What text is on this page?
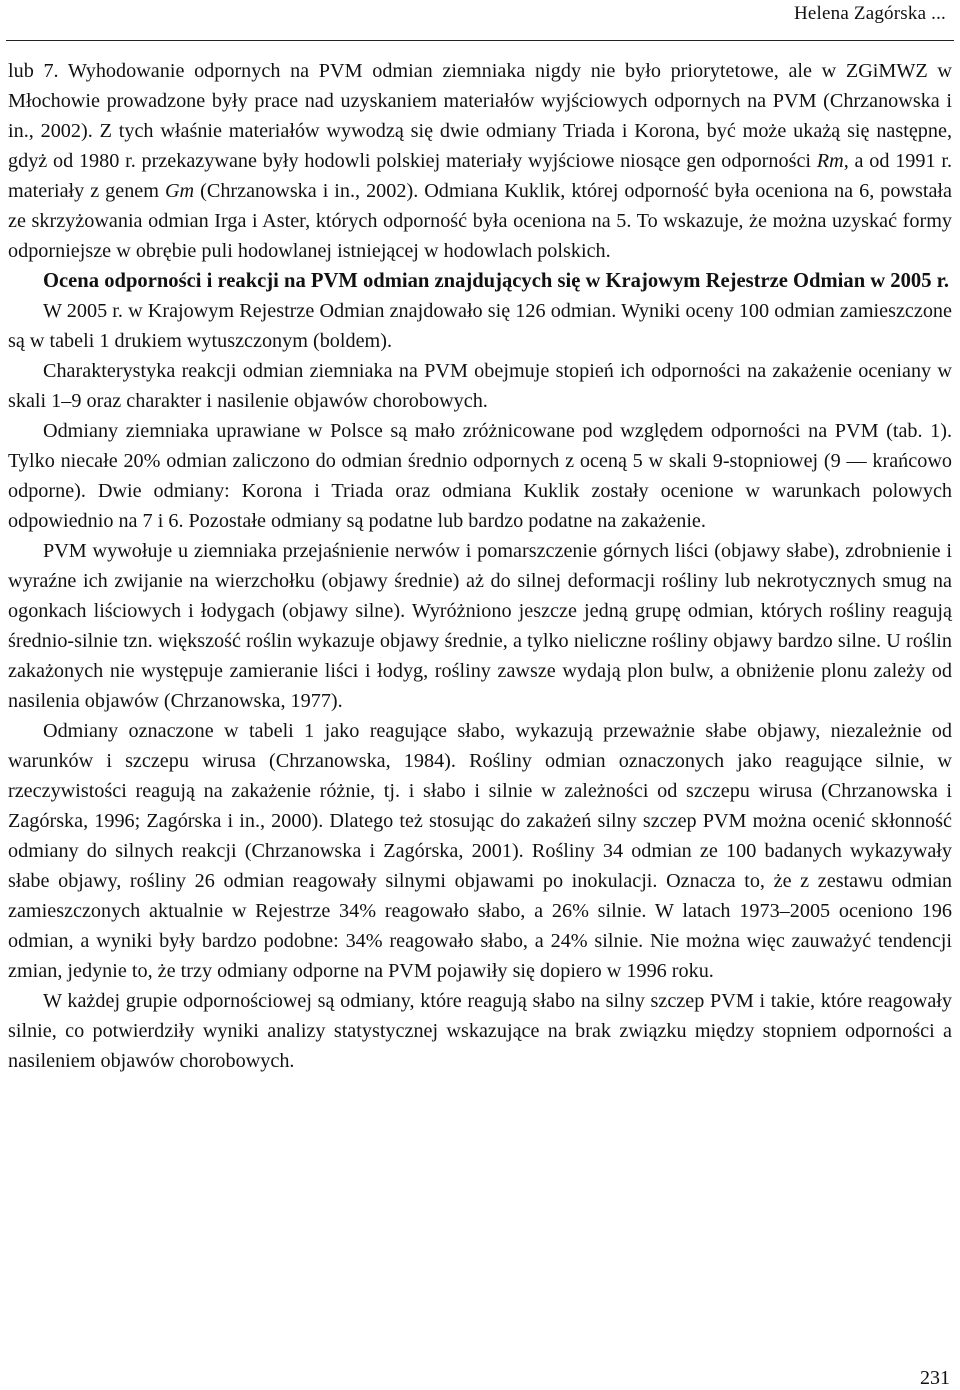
Helena Zagórska ...

lub 7. Wyhodowanie odpornych na PVM odmian ziemniaka nigdy nie było priorytetowe, ale w ZGiMWZ w Młochowie prowadzone były prace nad uzyskaniem materiałów wyjściowych odpornych na PVM (Chrzanowska i in., 2002). Z tych właśnie materiałów wywodzą się dwie odmiany Triada i Korona, być może ukażą się następne, gdyż od 1980 r. przekazywane były hodowli polskiej materiały wyjściowe niosące gen odporności Rm, a od 1991 r. materiały z genem Gm (Chrzanowska i in., 2002). Odmiana Kuklik, której odporność była oceniona na 6, powstała ze skrzyżowania odmian Irga i Aster, których odporność była oceniona na 5. To wskazuje, że można uzyskać formy odporniejsze w obrębie puli hodowlanej istniejącej w hodowlach polskich.

Ocena odporności i reakcji na PVM odmian znajdujących się w Krajowym Rejestrze Odmian w 2005 r.

W 2005 r. w Krajowym Rejestrze Odmian znajdowało się 126 odmian. Wyniki oceny 100 odmian zamieszczone są w tabeli 1 drukiem wytuszczonym (boldem).

Charakterystyka reakcji odmian ziemniaka na PVM obejmuje stopień ich odporności na zakażenie oceniany w skali 1–9 oraz charakter i nasilenie objawów chorobowych.

Odmiany ziemniaka uprawiane w Polsce są mało zróżnicowane pod względem odporności na PVM (tab. 1). Tylko niecałe 20% odmian zaliczono do odmian średnio odpornych z oceną 5 w skali 9-stopniowej (9 — krańcowo odporne). Dwie odmiany: Korona i Triada oraz odmiana Kuklik zostały ocenione w warunkach polowych odpowiednio na 7 i 6. Pozostałe odmiany są podatne lub bardzo podatne na zakażenie.

PVM wywołuje u ziemniaka przejaśnienie nerwów i pomarszczenie górnych liści (objawy słabe), zdrobnienie i wyraźne ich zwijanie na wierzchołku (objawy średnie) aż do silnej deformacji rośliny lub nekrotycznych smug na ogonkach liściowych i łodygach (objawy silne). Wyróżniono jeszcze jedną grupę odmian, których rośliny reagują średnio-silnie tzn. większość roślin wykazuje objawy średnie, a tylko nieliczne rośliny objawy bardzo silne. U roślin zakażonych nie występuje zamieranie liści i łodyg, rośliny zawsze wydają plon bulw, a obniżenie plonu zależy od nasilenia objawów (Chrzanowska, 1977).

Odmiany oznaczone w tabeli 1 jako reagujące słabo, wykazują przeważnie słabe objawy, niezależnie od warunków i szczepu wirusa (Chrzanowska, 1984). Rośliny odmian oznaczonych jako reagujące silnie, w rzeczywistości reagują na zakażenie różnie, tj. i słabo i silnie w zależności od szczepu wirusa (Chrzanowska i Zagórska, 1996; Zagórska i in., 2000). Dlatego też stosując do zakażeń silny szczep PVM można ocenić skłonność odmiany do silnych reakcji (Chrzanowska i Zagórska, 2001). Rośliny 34 odmian ze 100 badanych wykazywały słabe objawy, rośliny 26 odmian reagowały silnymi objawami po inokulacji. Oznacza to, że z zestawu odmian zamieszczonych aktualnie w Rejestrze 34% reagowało słabo, a 26% silnie. W latach 1973–2005 oceniono 196 odmian, a wyniki były bardzo podobne: 34% reagowało słabo, a 24% silnie. Nie można więc zauważyć tendencji zmian, jedynie to, że trzy odmiany odporne na PVM pojawiły się dopiero w 1996 roku.

W każdej grupie odpornościowej są odmiany, które reagują słabo na silny szczep PVM i takie, które reagowały silnie, co potwierdziły wyniki analizy statystycznej wskazujące na brak związku między stopniem odporności a nasileniem objawów chorobowych.

231
